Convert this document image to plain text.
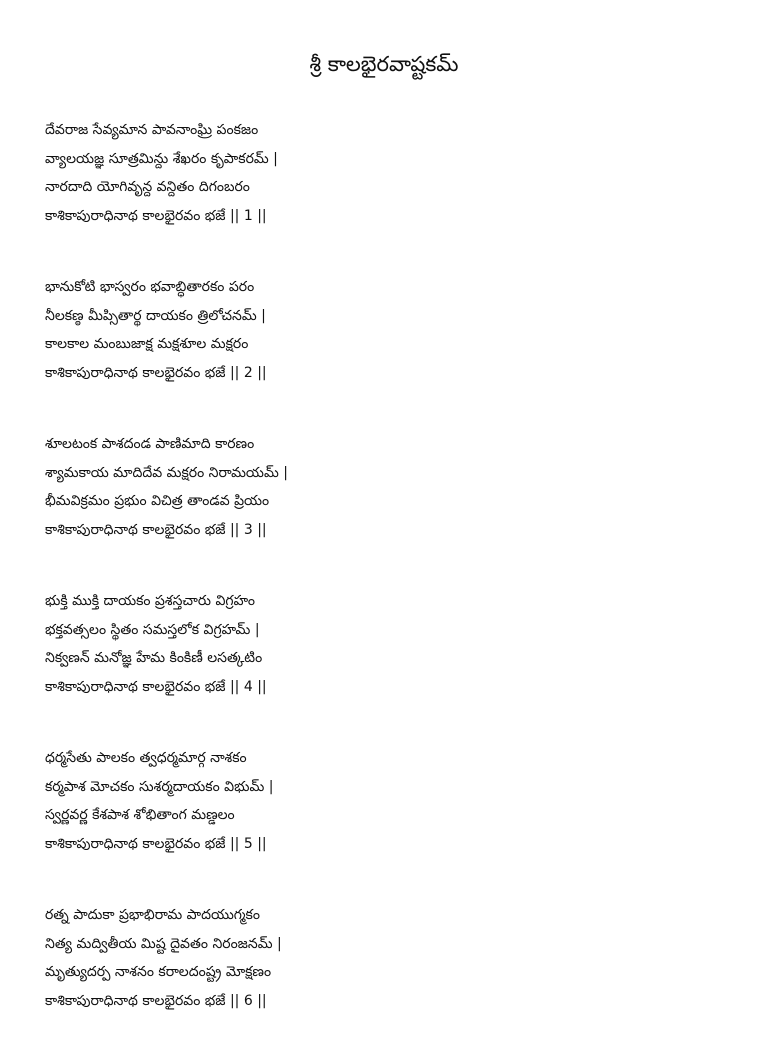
శ్రీ కాలభైరవాష్టకమ్
దేవరాజ సేవ్యమాన పావనాంఘ్రి పంకజం
వ్యాలయజ్ఞ సూత్రమిన్దు శేఖరం కృపాకరమ్ |
నారదాది యోగివృన్ద వన్దితం దిగంబరం
కాశికాపురాధినాథ కాలభైరవం భజే || 1 ||
భానుకోటి భాస్వరం భవాబ్ధితారకం పరం
నీలకణ్ఠ మీప్సితార్థ దాయకం త్రిలోచనమ్ |
కాలకాల మంబుజాక్ష మక్షశూల మక్షరం
కాశికాపురాధినాథ కాలభైరవం భజే || 2 ||
శూలటంక పాశదండ పాణిమాది కారణం
శ్యామకాయ మాదిదేవ మక్షరం నిరామయమ్ |
భీమవిక్రమం ప్రభుం విచిత్ర తాండవ ప్రియం
కాశికాపురాధినాథ కాలభైరవం భజే || 3 ||
భుక్తి ముక్తి దాయకం ప్రశస్తచారు విగ్రహం
భక్తవత్సలం స్థితం సమస్తలోక విగ్రహమ్ |
నిక్వణన్ మనోజ్ఞ హేమ కింకిణీ లసత్కటిం
కాశికాపురాధినాథ కాలభైరవం భజే || 4 ||
ధర్మసేతు పాలకం త్వధర్మమార్గ నాశకం
కర్మపాశ మోచకం సుశర్మదాయకం విభుమ్ |
స్వర్ణవర్ణ కేశపాశ శోభితాంగ మణ్డలం
కాశికాపురాధినాథ కాలభైరవం భజే || 5 ||
రత్న పాదుకా ప్రభాభిరామ పాదయుగ్మకం
నిత్య మద్వితీయ మిష్ట దైవతం నిరంజనమ్ |
మృత్యుదర్ప నాశనం కరాలదంష్ట్ర మోక్షణం
కాశికాపురాధినాథ కాలభైరవం భజే || 6 ||
